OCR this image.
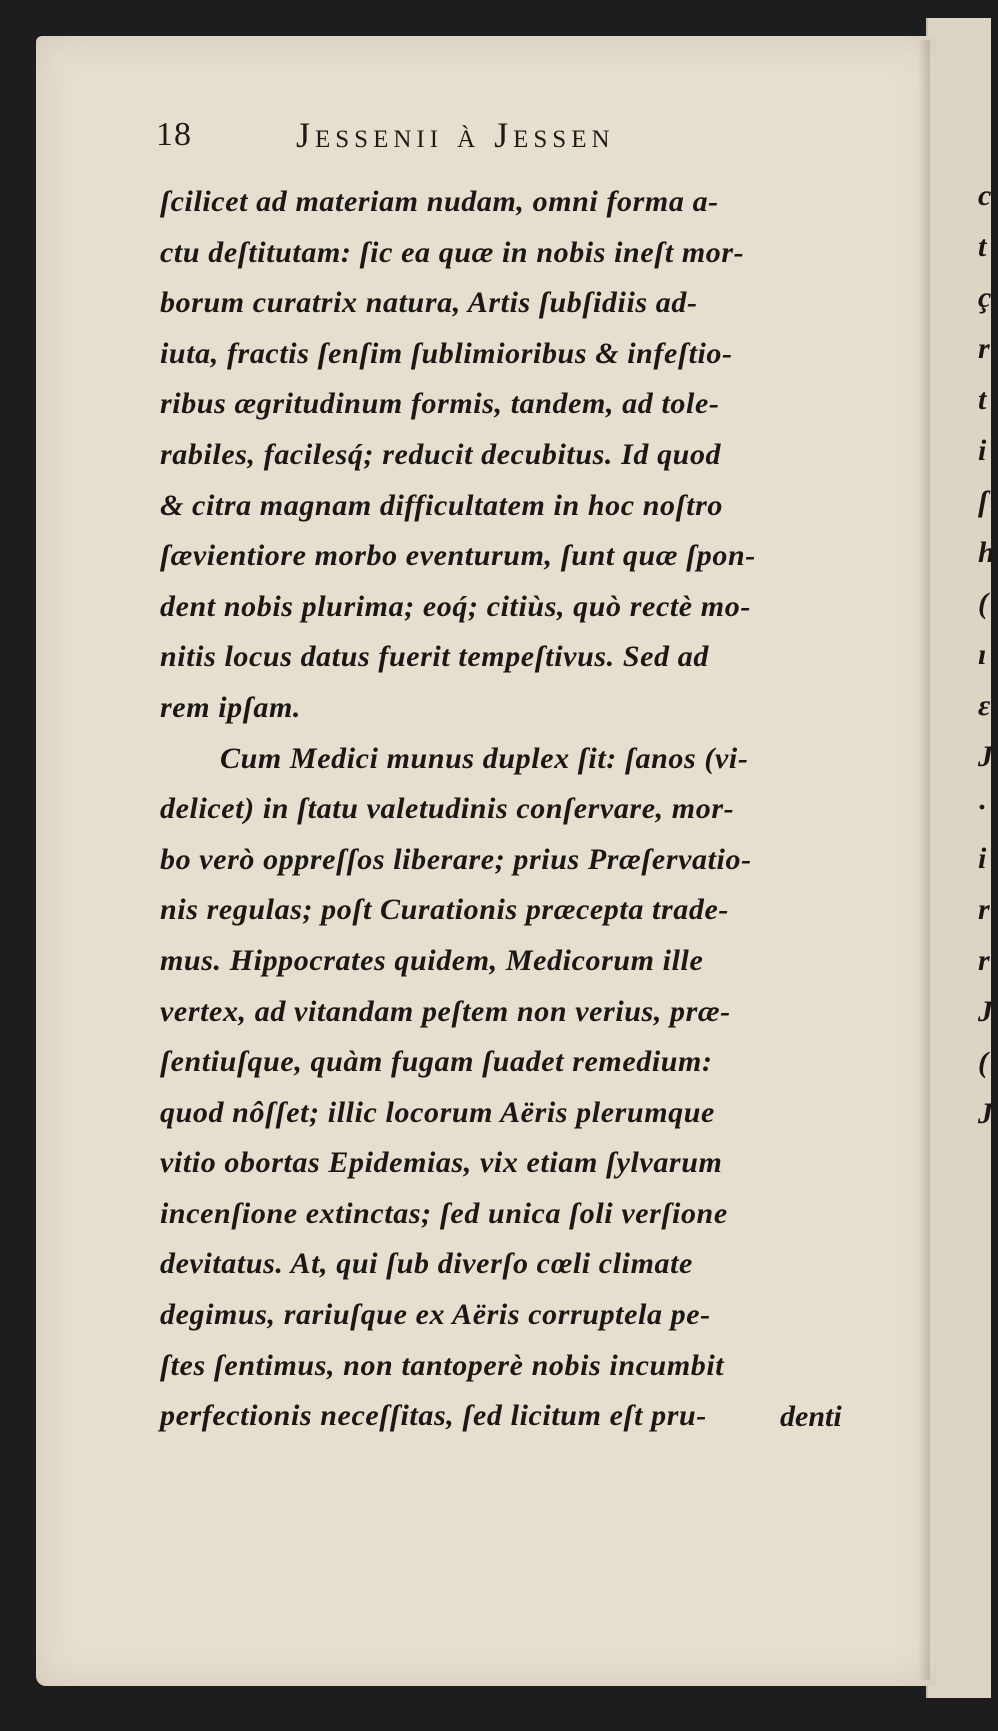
18	Jessenii à Jessen
ſcilicet ad materiam nudam, omni forma a-
ctu deſtitutam: ſic ea quæ in nobis ineſt mor-
borum curatrix natura, Artis ſubſidiis ad-
iuta, fractis ſenſim ſublimioribus & infeſtio-
ribus ægritudinum formis, tandem, ad tole-
rabiles, facilesq́; reducit decubitus. Id quod
& citra magnam difficultatem in hoc noſtro
ſævientiore morbo eventurum, ſunt quæ ſpon-
dent nobis plurima; eoq́; citiùs, quò rectè mo-
nitis locus datus fuerit tempeſtivus. Sed ad
rem ipſam.
Cum Medici munus duplex ſit: ſanos (vi-
delicet) in ſtatu valetudinis conſervare, mor-
bo verò oppreſſos liberare; prius Præſervatio-
nis regulas; poſt Curationis præcepta trade-
mus. Hippocrates quidem, Medicorum ille
vertex, ad vitandam peſtem non verius, præ-
ſentiuſque, quàm fugam ſuadet remedium:
quod nôſſet; illic locorum Aëris plerumque
vitio obortas Epidemias, vix etiam ſylvarum
incenſione extinctas; ſed unica ſoli verſione
devitatus. At, qui ſub diverſo cœli climate
degimus, rariuſque ex Aëris corruptela pe-
ſtes ſentimus, non tantoperè nobis incumbit
perfectionis neceſſitas, ſed licitum eſt pru-	denti
c
t
ç
r
t
i
ſ
h
(
ı
ε
J
·
i
r
r
J
(
J
